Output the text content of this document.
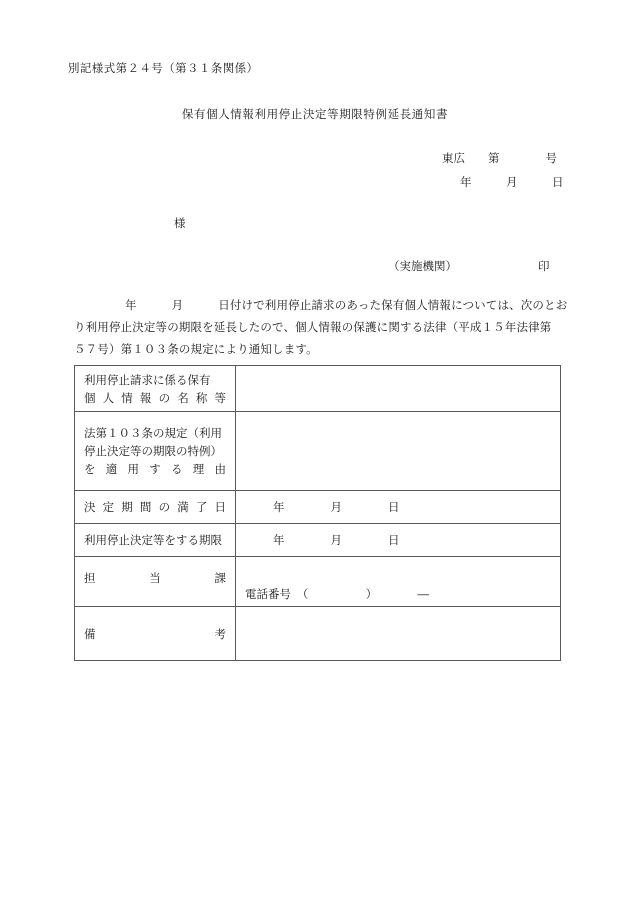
別記様式第２４号（第３１条関係）
保有個人情報利用停止決定等期限特例延長通知書
東広　　第　　　　号
年　　　月　　　日
様
（実施機関）	印
年　　　月　　　日付けで利用停止請求のあった保有個人情報については、次のとお
り利用停止決定等の期限を延長したので、個人情報の保護に関する法律（平成１５年法律第
５７号）第１０３条の規定により通知します。
利用停止請求に係る保有
個 人 情 報 の 名 称 等

法第１０３条の規定（利用
停止決定等の期限の特例）
を 適 用 す る 理 由

決 定 期 間 の 満 了 日	年　　　　月　　　　日

利用停止決定等をする期限	年　　　　月　　　　日

担 当 課	電話番号　（　　　　　）　　　　―

備 考	
